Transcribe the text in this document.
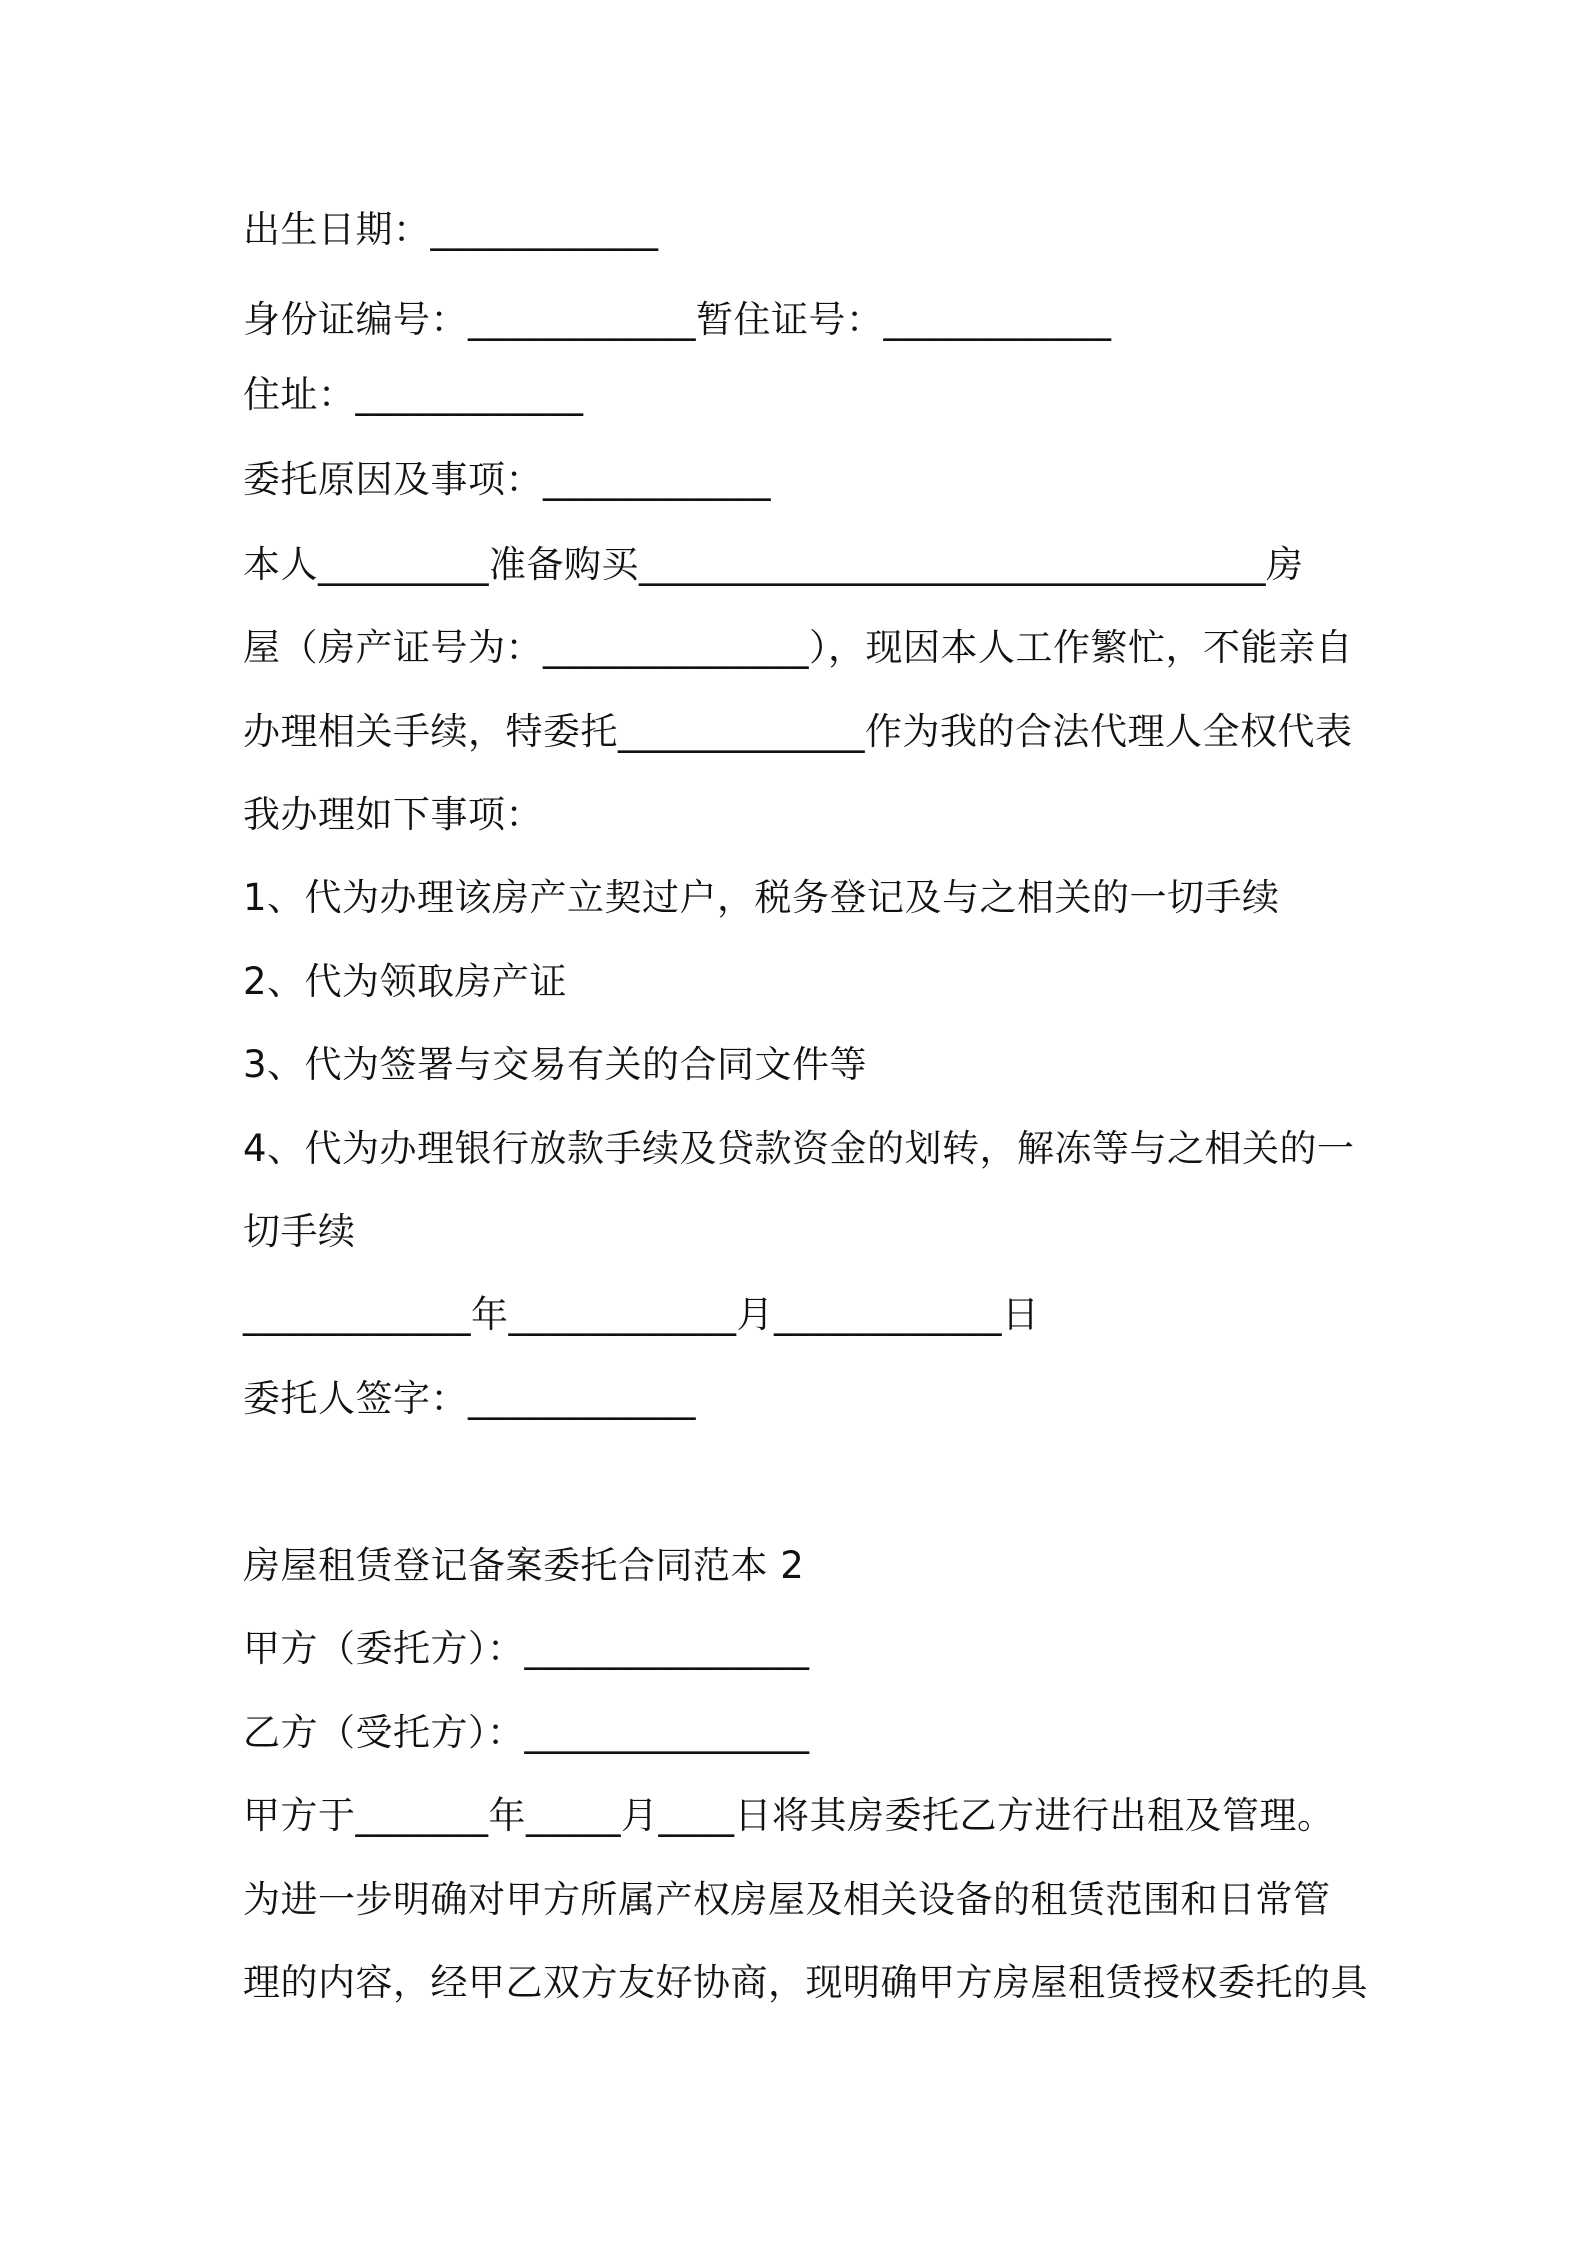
出生日期：____________
身份证编号：____________暂住证号：____________
住址：____________
委托原因及事项：____________
本人_________准备购买_________________________________房
屋（房产证号为：______________），现因本人工作繁忙，不能亲自
办理相关手续，特委托_____________作为我的合法代理人全权代表
我办理如下事项：
1、代为办理该房产立契过户，税务登记及与之相关的一切手续
2、代为领取房产证
3、代为签署与交易有关的合同文件等
4、代为办理银行放款手续及贷款资金的划转，解冻等与之相关的一
切手续
____________年____________月____________日
委托人签字：____________
房屋租赁登记备案委托合同范本 2
甲方（委托方）：_______________
乙方（受托方）：_______________
甲方于_______年_____月____日将其房委托乙方进行出租及管理。
为进一步明确对甲方所属产权房屋及相关设备的租赁范围和日常管
理的内容，经甲乙双方友好协商，现明确甲方房屋租赁授权委托的具
